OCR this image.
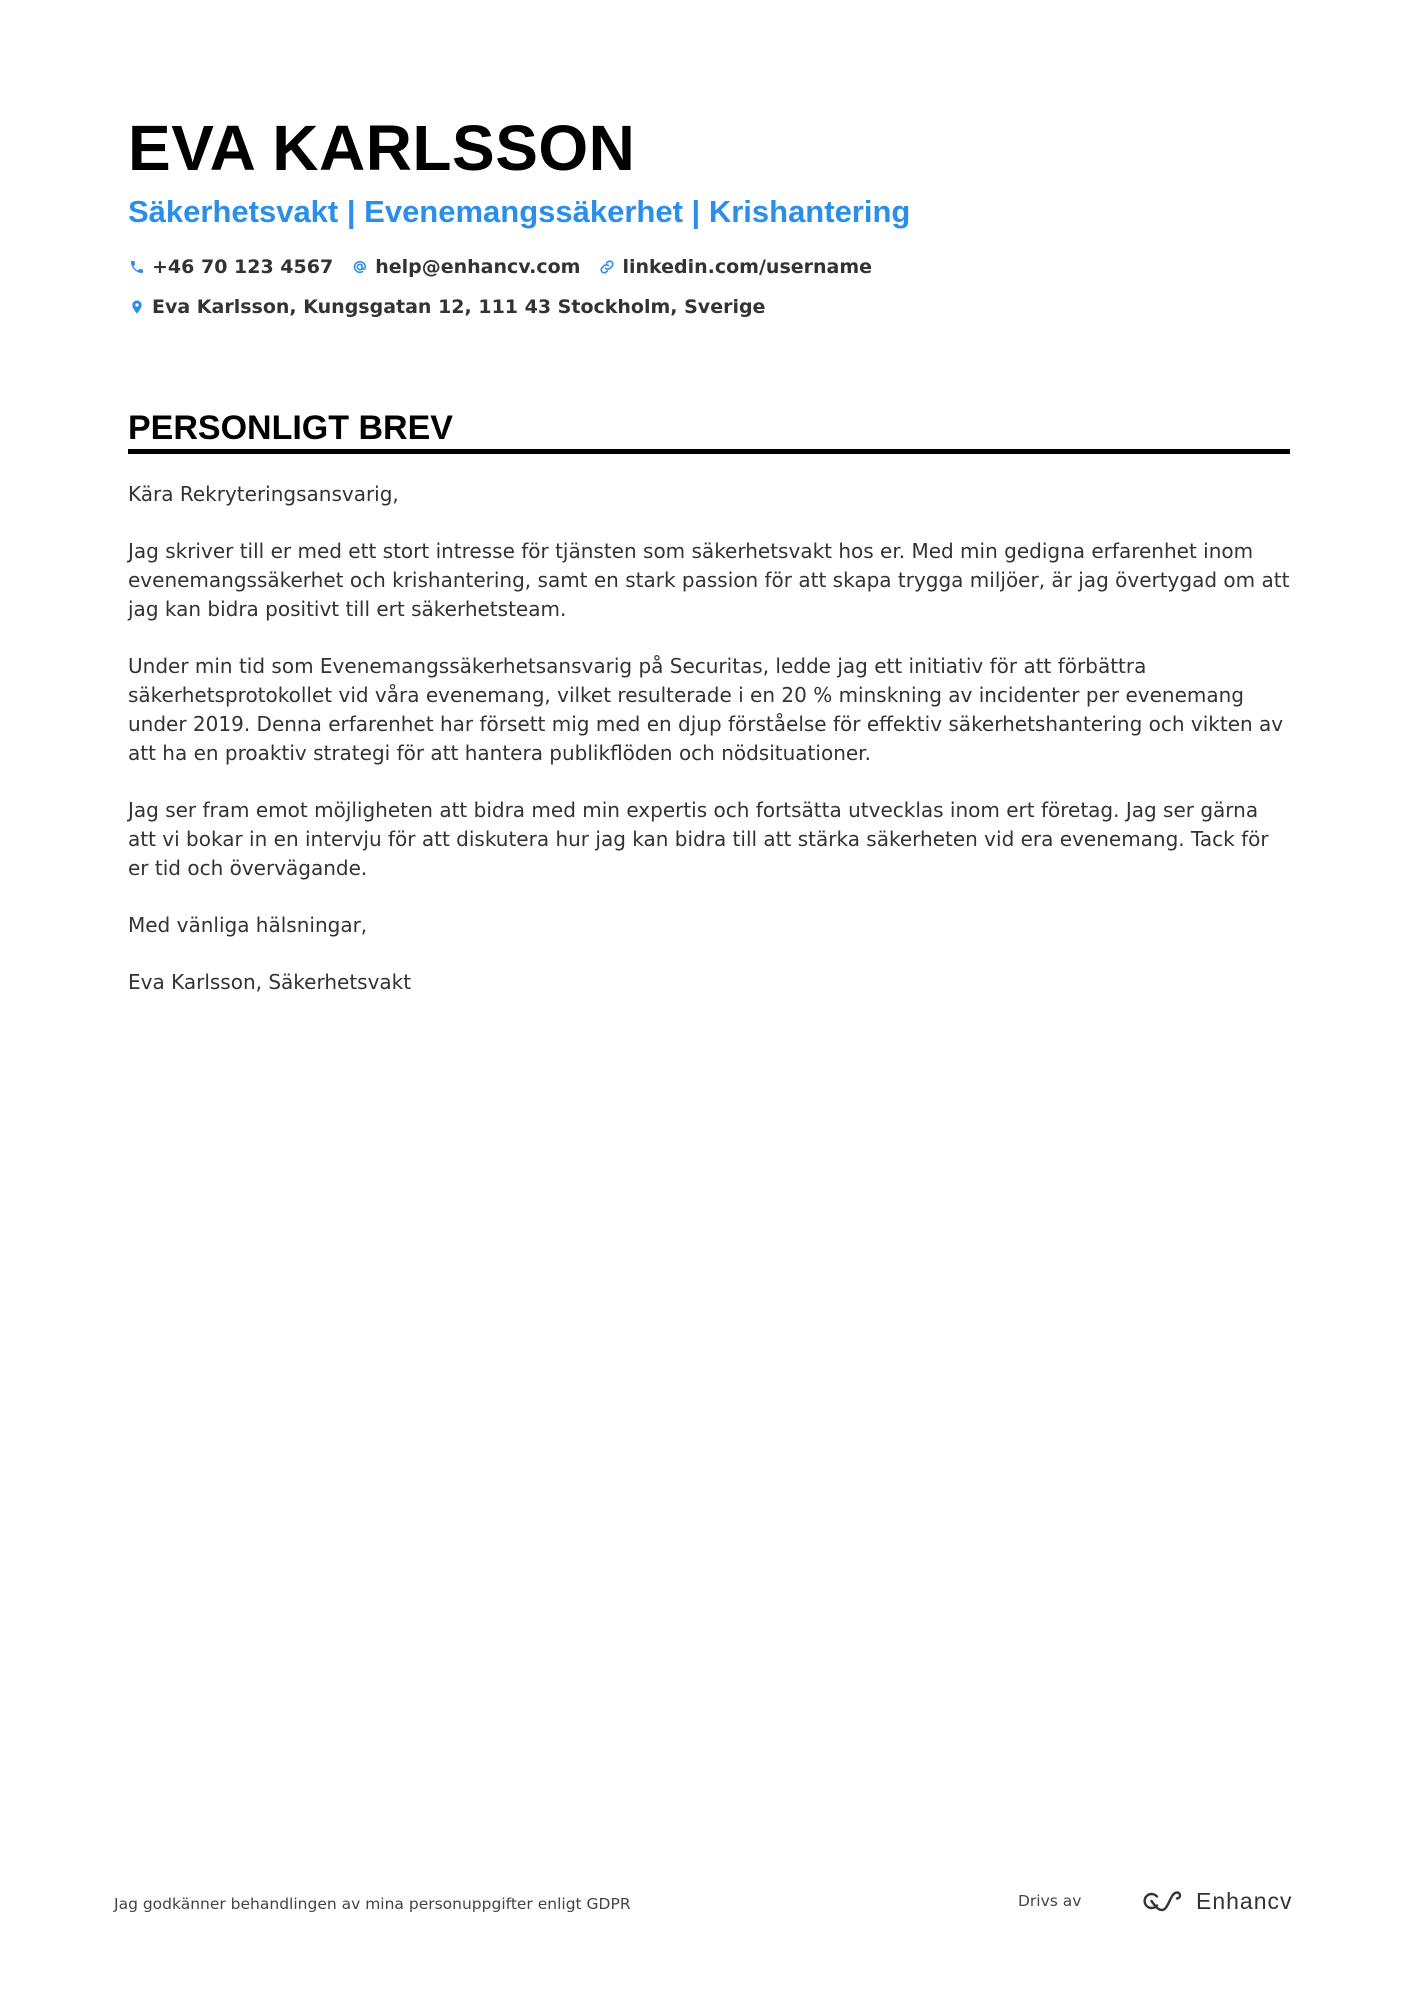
EVA KARLSSON
Säkerhetsvakt | Evenemangssäkerhet | Krishantering
+46 70 123 4567 help@enhancv.com linkedin.com/username
Eva Karlsson, Kungsgatan 12, 111 43 Stockholm, Sverige
PERSONLIGT BREV

Kära Rekryteringsansvarig,

Jag skriver till er med ett stort intresse för tjänsten som säkerhetsvakt hos er. Med min gedigna erfarenhet inom evenemangssäkerhet och krishantering, samt en stark passion för att skapa trygga miljöer, är jag övertygad om att jag kan bidra positivt till ert säkerhetsteam.

Under min tid som Evenemangssäkerhetsansvarig på Securitas, ledde jag ett initiativ för att förbättra säkerhetsprotokollet vid våra evenemang, vilket resulterade i en 20 % minskning av incidenter per evenemang under 2019. Denna erfarenhet har försett mig med en djup förståelse för effektiv säkerhetshantering och vikten av att ha en proaktiv strategi för att hantera publikflöden och nödsituationer.

Jag ser fram emot möjligheten att bidra med min expertis och fortsätta utvecklas inom ert företag. Jag ser gärna att vi bokar in en intervju för att diskutera hur jag kan bidra till att stärka säkerheten vid era evenemang. Tack för er tid och övervägande.

Med vänliga hälsningar,

Eva Karlsson, Säkerhetsvakt

Jag godkänner behandlingen av mina personuppgifter enligt GDPR	Drivs av	Enhancv
